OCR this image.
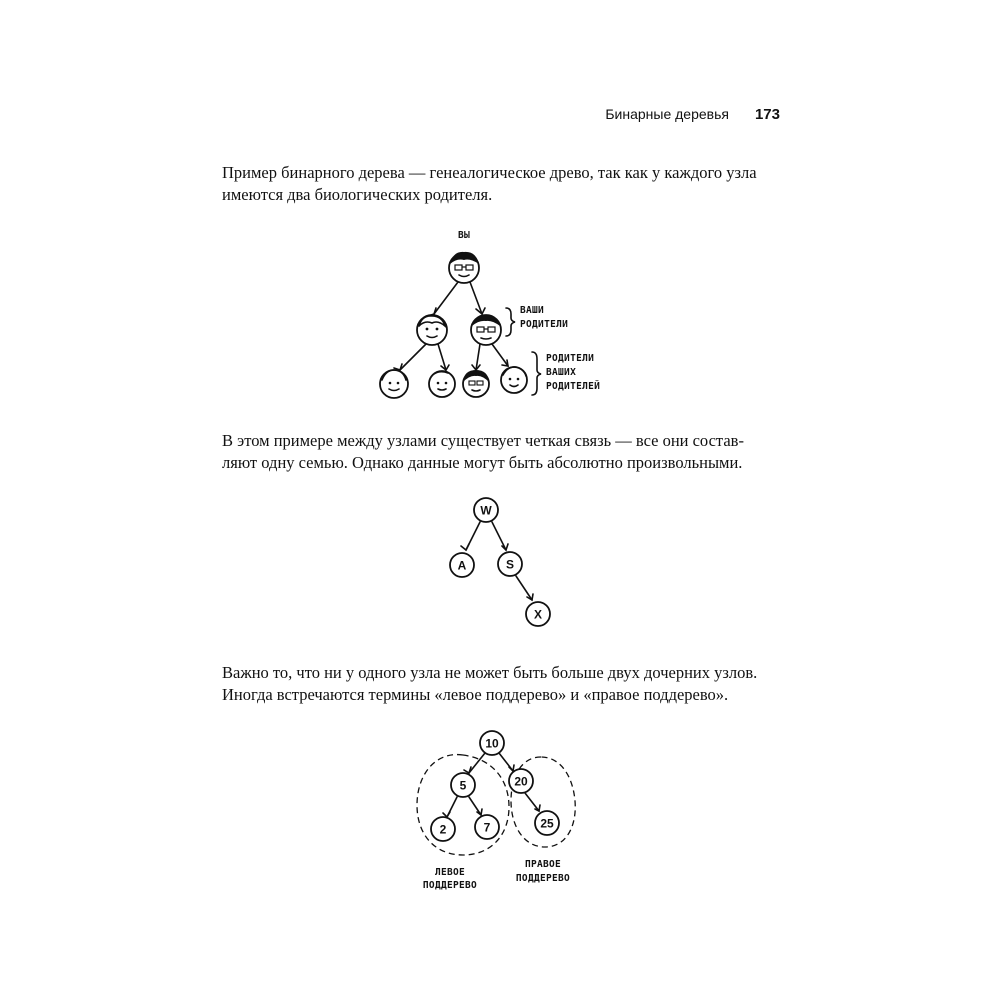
Бинарные деревья 173
Пример бинарного дерева — генеалогическое древо, так как у каждого узла
имеются два биологических родителя.
ВЫ
ВАШИ
РОДИТЕЛИ
РОДИТЕЛИ
ВАШИХ
РОДИТЕЛЕЙ
В этом примере между узлами существует четкая связь — все они состав-
ляют одну семью. Однако данные могут быть абсолютно произвольными.
W
A	S
X
Важно то, что ни у одного узла не может быть больше двух дочерних узлов.
Иногда встречаются термины «левое поддерево» и «правое поддерево».
10
5	20
2	7	25
ЛЕВОЕ
ПОДДЕРЕВО
ПРАВОЕ
ПОДДЕРЕВО
